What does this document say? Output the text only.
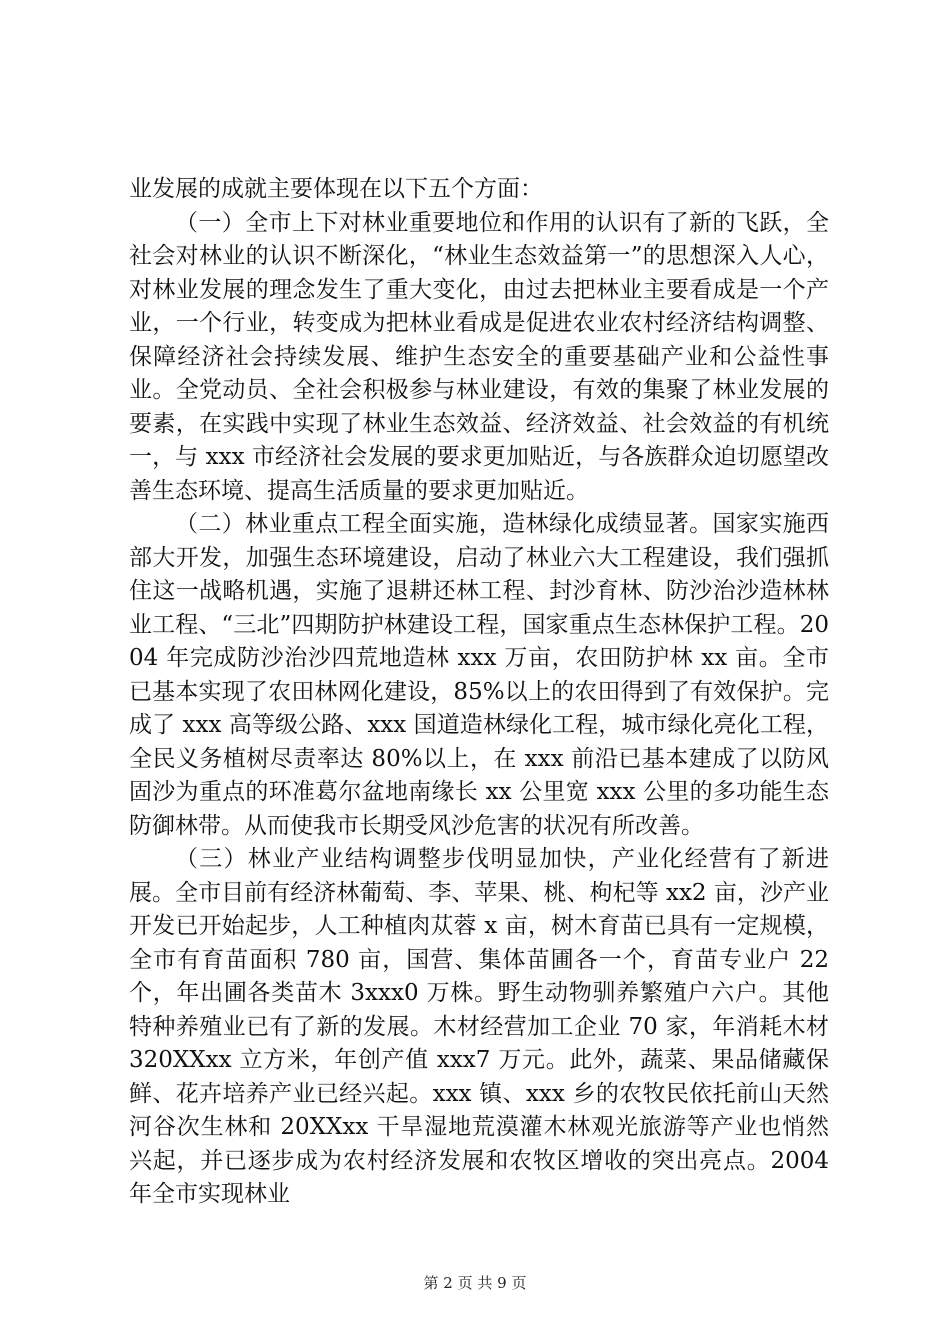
业发展的成就主要体现在以下五个方面：

（一）全市上下对林业重要地位和作用的认识有了新的飞跃，全社会对林业的认识不断深化，“林业生态效益第一”的思想深入人心，对林业发展的理念发生了重大变化，由过去把林业主要看成是一个产业，一个行业，转变成为把林业看成是促进农业农村经济结构调整、保障经济社会持续发展、维护生态安全的重要基础产业和公益性事业。全党动员、全社会积极参与林业建设，有效的集聚了林业发展的要素，在实践中实现了林业生态效益、经济效益、社会效益的有机统一，与 xxx 市经济社会发展的要求更加贴近，与各族群众迫切愿望改善生态环境、提高生活质量的要求更加贴近。

（二）林业重点工程全面实施，造林绿化成绩显著。国家实施西部大开发，加强生态环境建设，启动了林业六大工程建设，我们强抓住这一战略机遇，实施了退耕还林工程、封沙育林、防沙治沙造林林业工程、“三北”四期防护林建设工程，国家重点生态林保护工程。2004 年完成防沙治沙四荒地造林 xxx 万亩，农田防护林 xx 亩。全市已基本实现了农田林网化建设，85%以上的农田得到了有效保护。完成了 xxx 高等级公路、xxx 国道造林绿化工程，城市绿化亮化工程，全民义务植树尽责率达 80%以上，在 xxx 前沿已基本建成了以防风固沙为重点的环准葛尔盆地南缘长 xx 公里宽 xxx 公里的多功能生态防御林带。从而使我市长期受风沙危害的状况有所改善。

（三）林业产业结构调整步伐明显加快，产业化经营有了新进展。全市目前有经济林葡萄、李、苹果、桃、枸杞等 xx2 亩，沙产业开发已开始起步，人工种植肉苁蓉 x 亩，树木育苗已具有一定规模，全市有育苗面积 780 亩，国营、集体苗圃各一个，育苗专业户 22 个，年出圃各类苗木 3xxx0 万株。野生动物驯养繁殖户六户。其他特种养殖业已有了新的发展。木材经营加工企业 70 家，年消耗木材 320XXxx 立方米，年创产值 xxx7 万元。此外，蔬菜、果品储藏保鲜、花卉培养产业已经兴起。xxx 镇、xxx 乡的农牧民依托前山天然河谷次生林和 20XXxx 干旱湿地荒漠灌木林观光旅游等产业也悄然兴起，并已逐步成为农村经济发展和农牧区增收的突出亮点。2004 年全市实现林业

第 2 页 共 9 页
